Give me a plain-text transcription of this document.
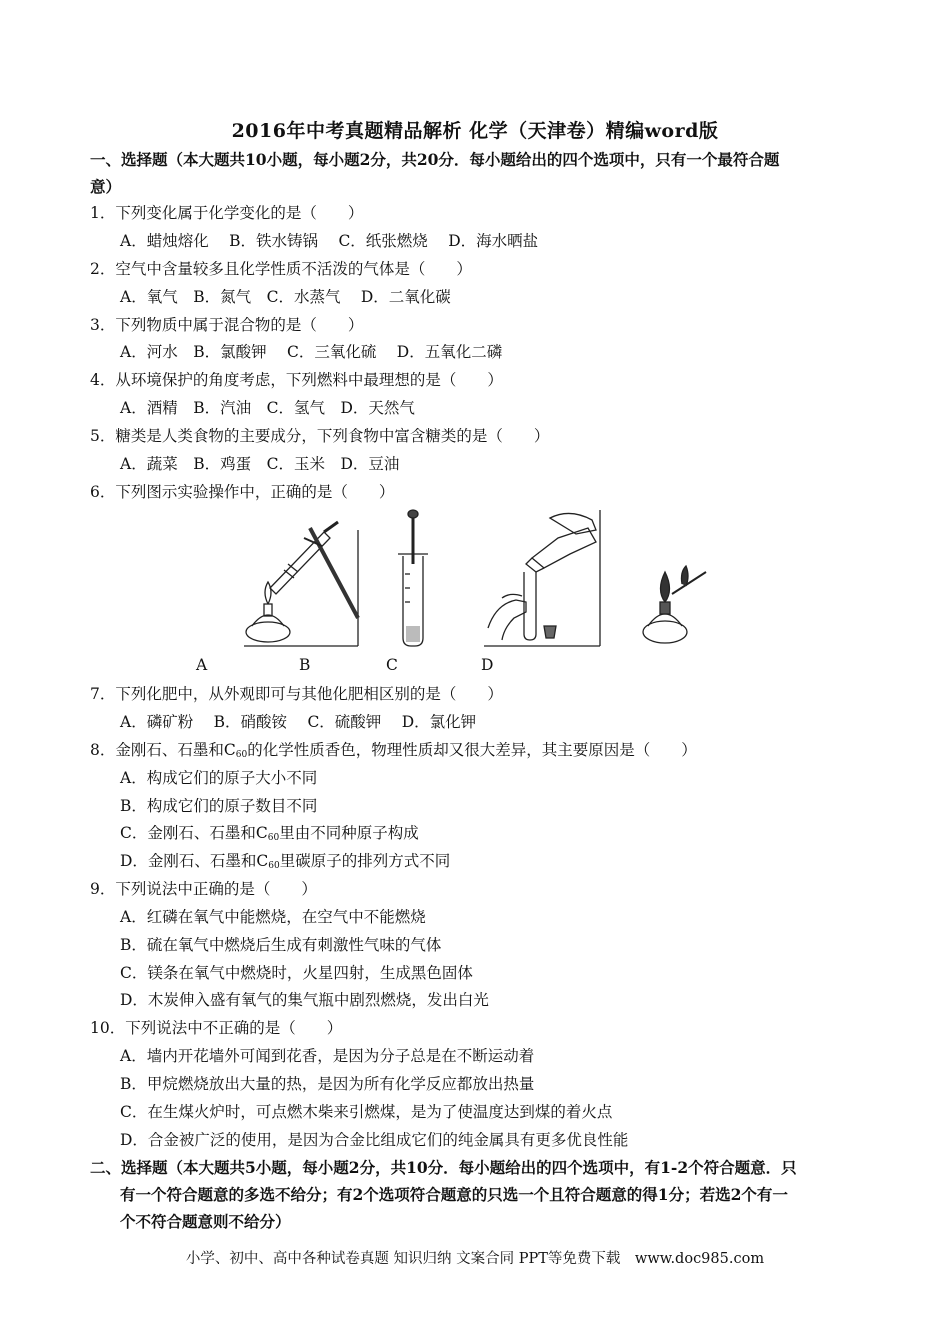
2016年中考真题精品解析 化学（天津卷）精编word版
一、选择题（本大题共10小题，每小题2分，共20分．每小题给出的四个选项中，只有一个最符合题
意）
1．下列变化属于化学变化的是（　　）
A．蜡烛熔化　 B．铁水铸锅　 C．纸张燃烧　 D．海水晒盐
2．空气中含量较多且化学性质不活泼的气体是（　　）
A．氧气　B．氮气　C．水蒸气　 D．二氧化碳
3．下列物质中属于混合物的是（　　）
A．河水　B．氯酸钾　 C．三氧化硫　 D．五氧化二磷
4．从环境保护的角度考虑，下列燃料中最理想的是（　　）
A．酒精　B．汽油　C．氢气　D．天然气
5．糖类是人类食物的主要成分，下列食物中富含糖类的是（　　）
A．蔬菜　B．鸡蛋　C．玉米　D．豆油
6．下列图示实验操作中，正确的是（　　）
A	B	C	D
7．下列化肥中，从外观即可与其他化肥相区别的是（　　）
A．磷矿粉　 B．硝酸铵　 C．硫酸钾　 D．氯化钾
8．金刚石、石墨和$C_{60}$的化学性质香色，物理性质却又很大差异，其主要原因是（　　）
A．构成它们的原子大小不同
B．构成它们的原子数目不同
C．金刚石、石墨和$C_{60}$里由不同种原子构成
D．金刚石、石墨和$C_{60}$里碳原子的排列方式不同
9．下列说法中正确的是（　　）
A．红磷在氧气中能燃烧，在空气中不能燃烧
B．硫在氧气中燃烧后生成有刺激性气味的气体
C．镁条在氧气中燃烧时，火星四射，生成黑色固体
D．木炭伸入盛有氧气的集气瓶中剧烈燃烧，发出白光
10．下列说法中不正确的是（　　）
A．墙内开花墙外可闻到花香，是因为分子总是在不断运动着
B．甲烷燃烧放出大量的热，是因为所有化学反应都放出热量
C．在生煤火炉时，可点燃木柴来引燃煤，是为了使温度达到煤的着火点
D．合金被广泛的使用，是因为合金比组成它们的纯金属具有更多优良性能
二、选择题（本大题共5小题，每小题2分，共10分．每小题给出的四个选项中，有1-2个符合题意．只
有一个符合题意的多选不给分；有2个选项符合题意的只选一个且符合题意的得1分；若选2个有一
个不符合题意则不给分）
小学、初中、高中各种试卷真题 知识归纳 文案合同 PPT等免费下载　www.doc985.com
